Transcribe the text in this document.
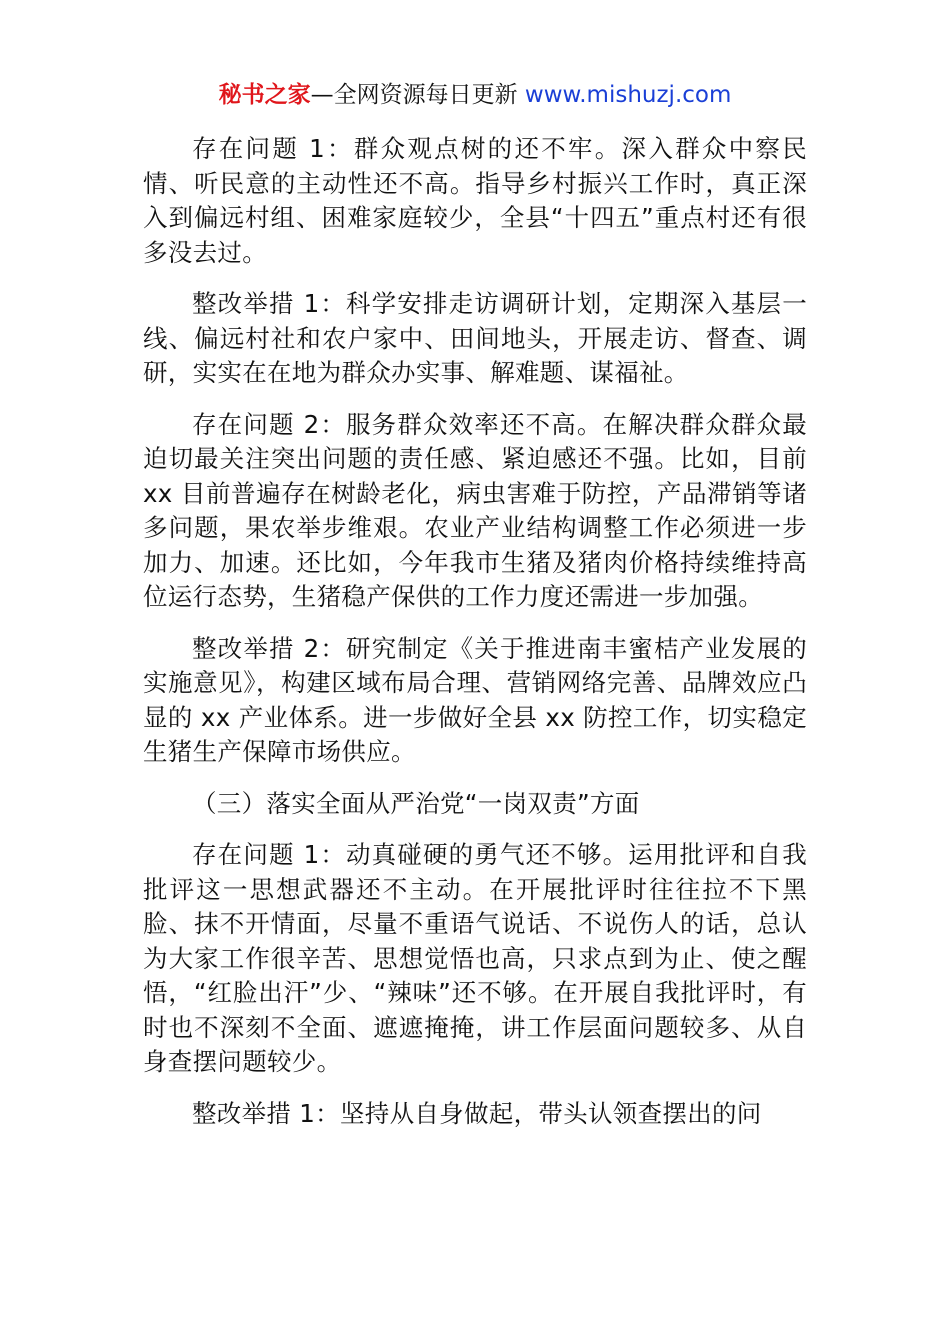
秘书之家—全网资源每日更新 www.mishuzj.com

存在问题 1：群众观点树的还不牢。深入群众中察民情、听民意的主动性还不高。指导乡村振兴工作时，真正深入到偏远村组、困难家庭较少，全县“十四五”重点村还有很多没去过。

整改举措 1：科学安排走访调研计划，定期深入基层一线、偏远村社和农户家中、田间地头，开展走访、督查、调研，实实在在地为群众办实事、解难题、谋福祉。

存在问题 2：服务群众效率还不高。在解决群众群众最迫切最关注突出问题的责任感、紧迫感还不强。比如，目前 xx 目前普遍存在树龄老化，病虫害难于防控，产品滞销等诸多问题，果农举步维艰。农业产业结构调整工作必须进一步加力、加速。还比如，今年我市生猪及猪肉价格持续维持高位运行态势，生猪稳产保供的工作力度还需进一步加强。

整改举措 2：研究制定《关于推进南丰蜜桔产业发展的实施意见》，构建区域布局合理、营销网络完善、品牌效应凸显的 xx 产业体系。进一步做好全县 xx 防控工作，切实稳定生猪生产保障市场供应。

（三）落实全面从严治党“一岗双责”方面

存在问题 1：动真碰硬的勇气还不够。运用批评和自我批评这一思想武器还不主动。在开展批评时往往拉不下黑脸、抹不开情面，尽量不重语气说话、不说伤人的话，总认为大家工作很辛苦、思想觉悟也高，只求点到为止、使之醒悟，“红脸出汗”少、“辣味”还不够。在开展自我批评时，有时也不深刻不全面、遮遮掩掩，讲工作层面问题较多、从自身查摆问题较少。

整改举措 1：坚持从自身做起，带头认领查摆出的问
